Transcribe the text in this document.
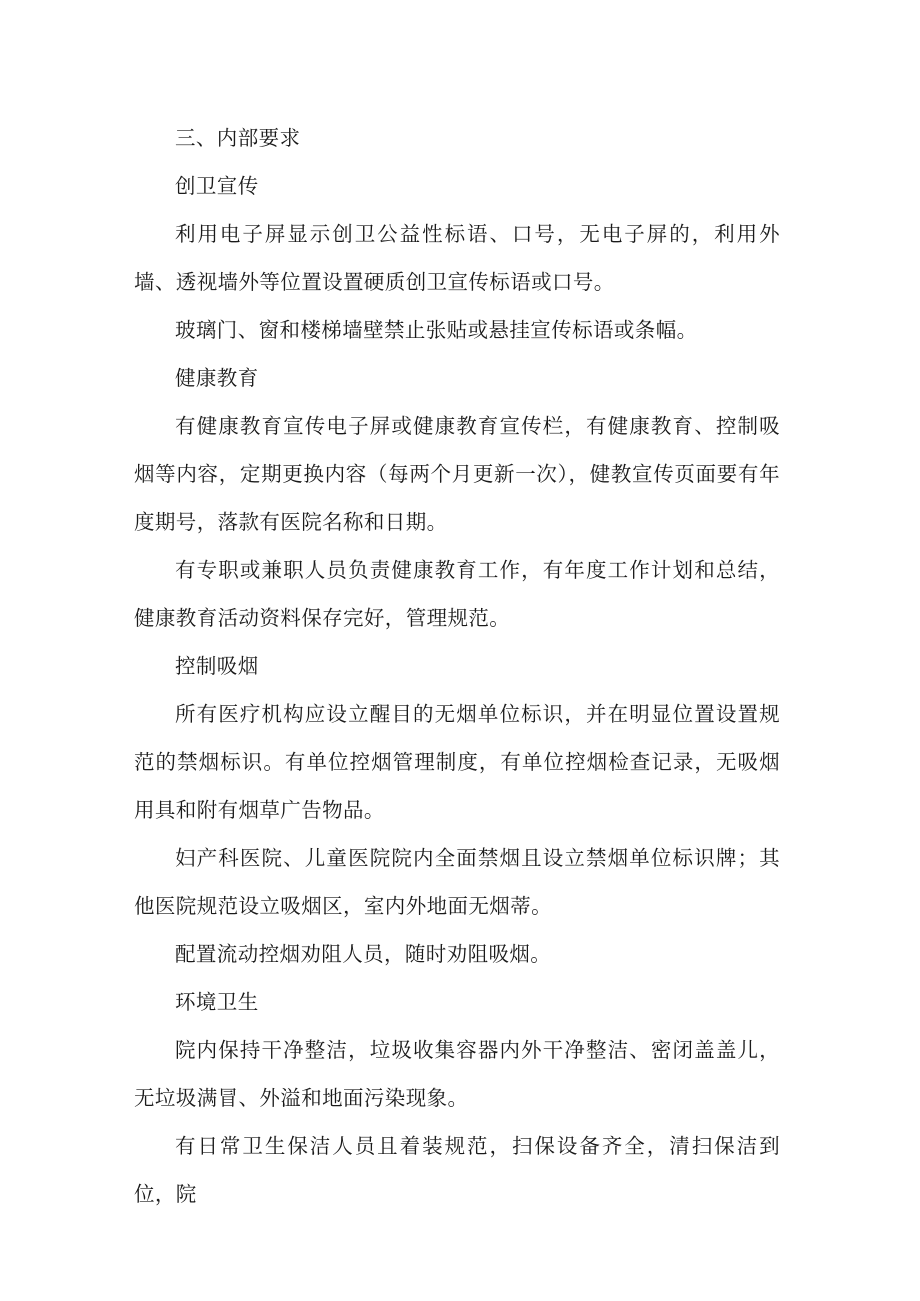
三、内部要求

创卫宣传

利用电子屏显示创卫公益性标语、口号，无电子屏的，利用外墙、透视墙外等位置设置硬质创卫宣传标语或口号。

玻璃门、窗和楼梯墙壁禁止张贴或悬挂宣传标语或条幅。

健康教育

有健康教育宣传电子屏或健康教育宣传栏，有健康教育、控制吸烟等内容，定期更换内容（每两个月更新一次），健教宣传页面要有年度期号，落款有医院名称和日期。

有专职或兼职人员负责健康教育工作，有年度工作计划和总结，健康教育活动资料保存完好，管理规范。

控制吸烟

所有医疗机构应设立醒目的无烟单位标识，并在明显位置设置规范的禁烟标识。有单位控烟管理制度，有单位控烟检查记录，无吸烟用具和附有烟草广告物品。

妇产科医院、儿童医院院内全面禁烟且设立禁烟单位标识牌；其他医院规范设立吸烟区，室内外地面无烟蒂。

配置流动控烟劝阻人员，随时劝阻吸烟。

环境卫生

院内保持干净整洁，垃圾收集容器内外干净整洁、密闭盖盖儿，无垃圾满冒、外溢和地面污染现象。

有日常卫生保洁人员且着装规范，扫保设备齐全，清扫保洁到位，院
